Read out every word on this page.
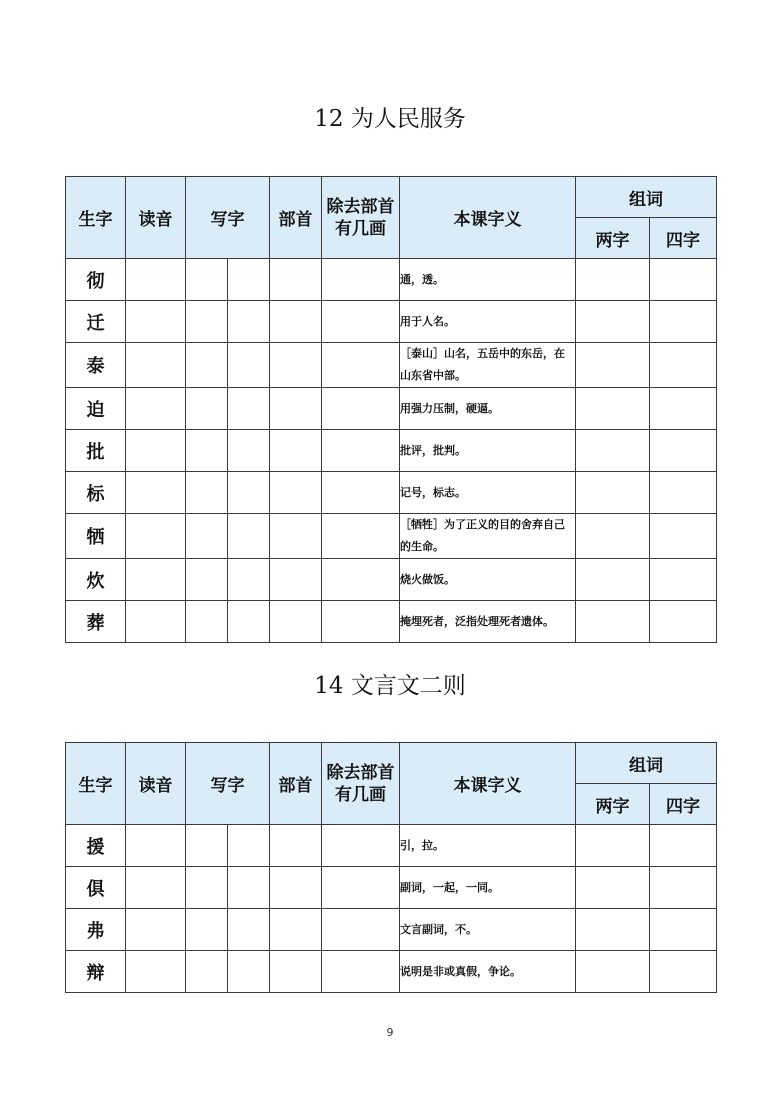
12 为人民服务
生字	读音	写字		部首	除去部首有几画	本课字义	组词	
							两字	四字
彻						通，透。		
迁						用于人名。		
泰						［泰山］山名，五岳中的东岳，在山东省中部。		
迫						用强力压制，硬逼。		
批						批评，批判。		
标						记号，标志。		
牺						［牺牲］为了正义的目的舍弃自己的生命。		
炊						烧火做饭。		
葬						掩埋死者，泛指处理死者遗体。		
14 文言文二则
生字	读音	写字		部首	除去部首有几画	本课字义	组词	
							两字	四字
援						引，拉。		
俱						副词，一起，一同。		
弗						文言副词，不。		
辩						说明是非或真假，争论。		
9
